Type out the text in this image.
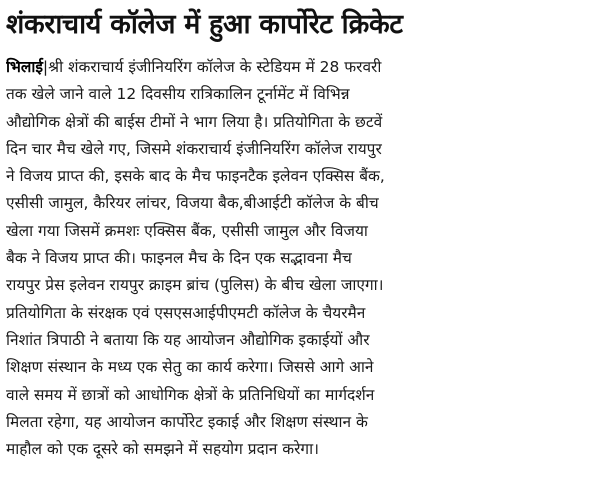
शंकराचार्य कॉलेज में हुआ कार्पोरेट क्रिकेट
भिलाई|श्री शंकराचार्य इंजीनियरिंग कॉलेज के स्टेडियम में 28 फरवरी
तक खेले जाने वाले 12 दिवसीय रात्रिकालिन टूर्नामेंट में विभिन्न
औद्योगिक क्षेत्रों की बाईस टीमों ने भाग लिया है। प्रतियोगिता के छटवें
दिन चार मैच खेले गए, जिसमे शंकराचार्य इंजीनियरिंग कॉलेज रायपुर
ने विजय प्राप्त की, इसके बाद के मैच फाइनटैक इलेवन एक्सिस बैंक,
एसीसी जामुल, कैरियर लांचर, विजया बैक,बीआईटी कॉलेज के बीच
खेला गया जिसमें क्रमशः एक्सिस बैंक, एसीसी जामुल और विजया
बैक ने विजय प्राप्त की। फाइनल मैच के दिन एक सद्भावना मैच
रायपुर प्रेस इलेवन रायपुर क्राइम ब्रांच (पुलिस) के बीच खेला जाएगा।
प्रतियोगिता के संरक्षक एवं एसएसआईपीएमटी कॉलेज के चैयरमैन
निशांत त्रिपाठी ने बताया कि यह आयोजन औद्योगिक इकाईयों और
शिक्षण संस्थान के मध्य एक सेतु का कार्य करेगा। जिससे आगे आने
वाले समय में छात्रों को आधोगिक क्षेत्रों के प्रतिनिधियों का मार्गदर्शन
मिलता रहेगा, यह आयोजन कार्पोरेट इकाई और शिक्षण संस्थान के
माहौल को एक दूसरे को समझने में सहयोग प्रदान करेगा।
